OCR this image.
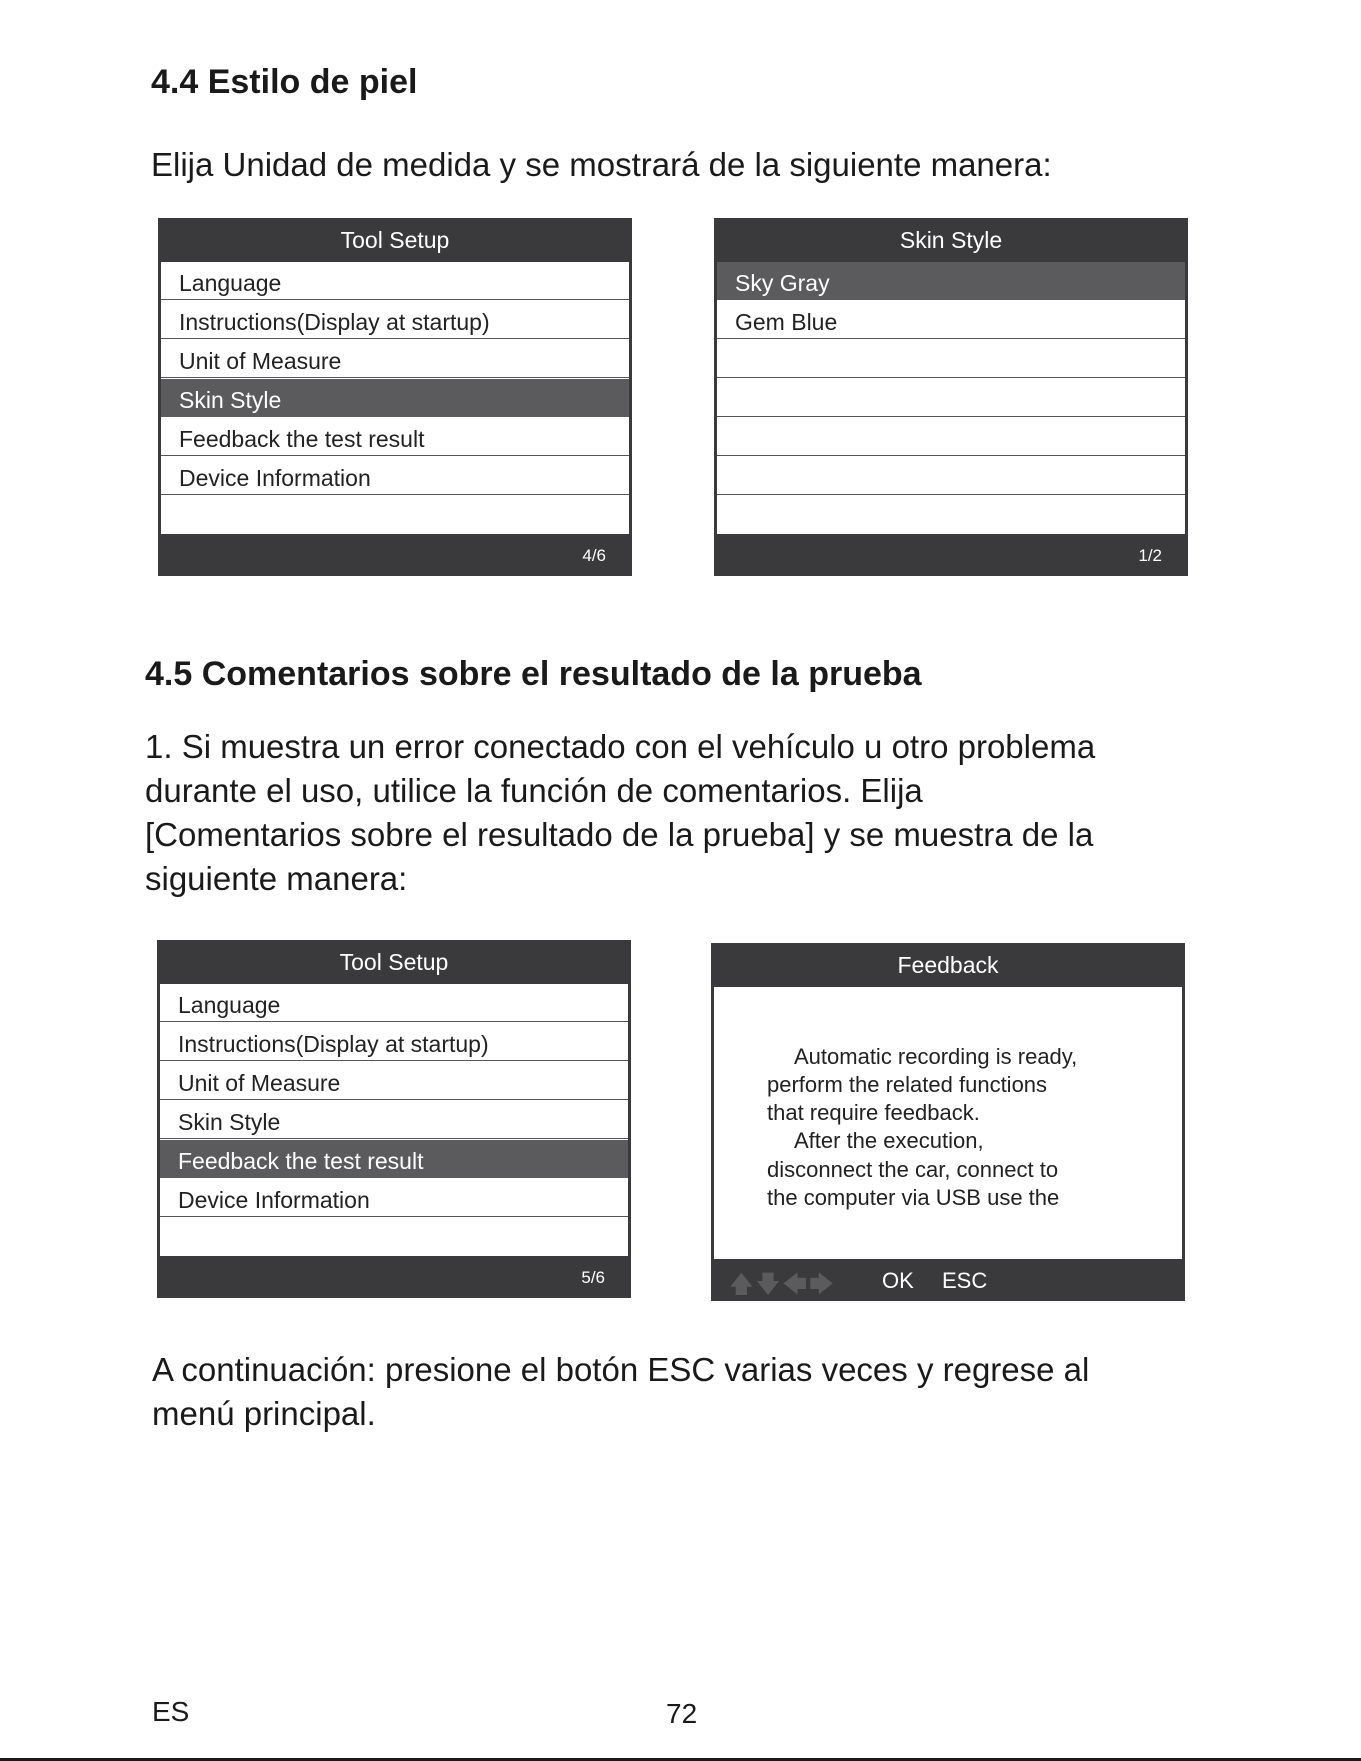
4.4 Estilo de piel

Elija Unidad de medida y se mostrará de la siguiente manera:

Tool Setup
Language
Instructions(Display at startup)
Unit of Measure
Skin Style
Feedback the test result
Device Information
4/6
Skin Style
Sky Gray
Gem Blue
1/2
4.5 Comentarios sobre el resultado de la prueba

1. Si muestra un error conectado con el vehículo u otro problema

durante el uso, utilice la función de comentarios. Elija

[Comentarios sobre el resultado de la prueba] y se muestra de la

siguiente manera:

Tool Setup
Language
Instructions(Display at startup)
Unit of Measure
Skin Style
Feedback the test result
Device Information
5/6
Feedback
Automatic recording is ready,
perform the related functions
that require feedback.
After the execution,
disconnect the car, connect to
the computer via USB use the
🡅🡇🡄🡆 OK ESC

A continuación: presione el botón ESC varias veces y regrese al

menú principal.

ES	72
